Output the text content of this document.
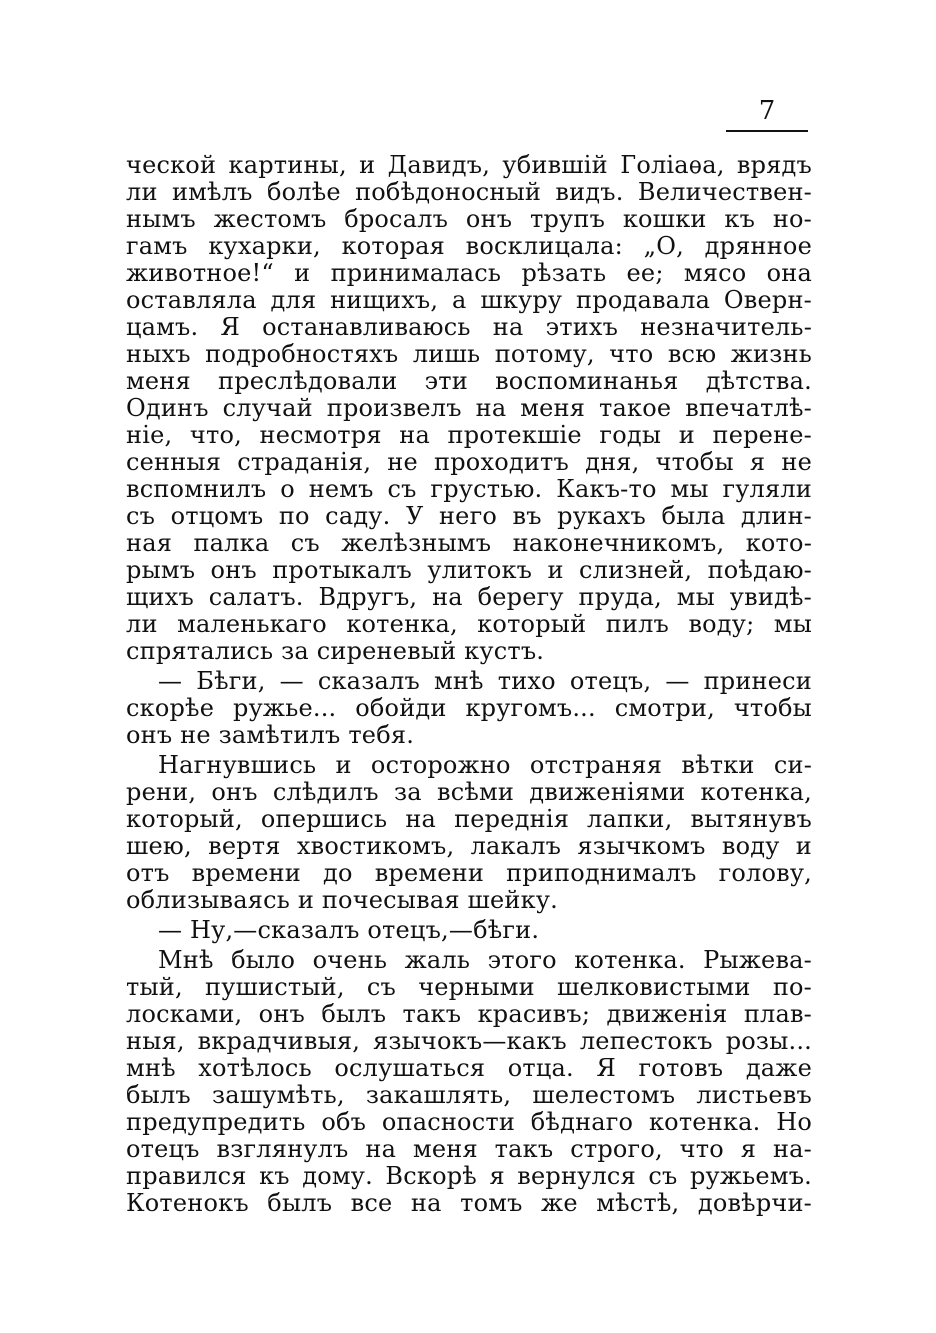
7
ческой картины, и Давидъ, убившій Голіаѳа, врядъ
ли имѣлъ болѣе побѣдоносный видъ. Величествен-
нымъ жестомъ бросалъ онъ трупъ кошки къ но-
гамъ кухарки, которая восклицала: „О, дрянное
животное!“ и принималась рѣзать ее; мясо она
оставляла для нищихъ, а шкуру продавала Оверн-
цамъ. Я останавливаюсь на этихъ незначитель-
ныхъ подробностяхъ лишь потому, что всю жизнь
меня преслѣдовали эти воспоминанья дѣтства.
Одинъ случай произвелъ на меня такое впечатлѣ-
ніе, что, несмотря на протекшіе годы и перене-
сенныя страданія, не проходитъ дня, чтобы я не
вспомнилъ о немъ съ грустью. Какъ-то мы гуляли
съ отцомъ по саду. У него въ рукахъ была длин-
ная палка съ желѣзнымъ наконечникомъ, кото-
рымъ онъ протыкалъ улитокъ и слизней, поѣдаю-
щихъ салатъ. Вдругъ, на берегу пруда, мы увидѣ-
ли маленькаго котенка, который пилъ воду; мы
спрятались за сиреневый кустъ.
— Бѣги, — сказалъ мнѣ тихо отецъ, — принеси
скорѣе ружье... обойди кругомъ... смотри, чтобы
онъ не замѣтилъ тебя.
Нагнувшись и осторожно отстраняя вѣтки си-
рени, онъ слѣдилъ за всѣми движеніями котенка,
который, опершись на переднія лапки, вытянувъ
шею, вертя хвостикомъ, лакалъ язычкомъ воду и
отъ времени до времени приподнималъ голову,
облизываясь и почесывая шейку.
— Ну,—сказалъ отецъ,—бѣги.
Мнѣ было очень жаль этого котенка. Рыжева-
тый, пушистый, съ черными шелковистыми по-
лосками, онъ былъ такъ красивъ; движенія плав-
ныя, вкрадчивыя, язычокъ—какъ лепестокъ розы...
мнѣ хотѣлось ослушаться отца. Я готовъ даже
былъ зашумѣть, закашлять, шелестомъ листьевъ
предупредить объ опасности бѣднаго котенка. Но
отецъ взглянулъ на меня такъ строго, что я на-
правился къ дому. Вскорѣ я вернулся съ ружьемъ.
Котенокъ былъ все на томъ же мѣстѣ, довѣрчи-
